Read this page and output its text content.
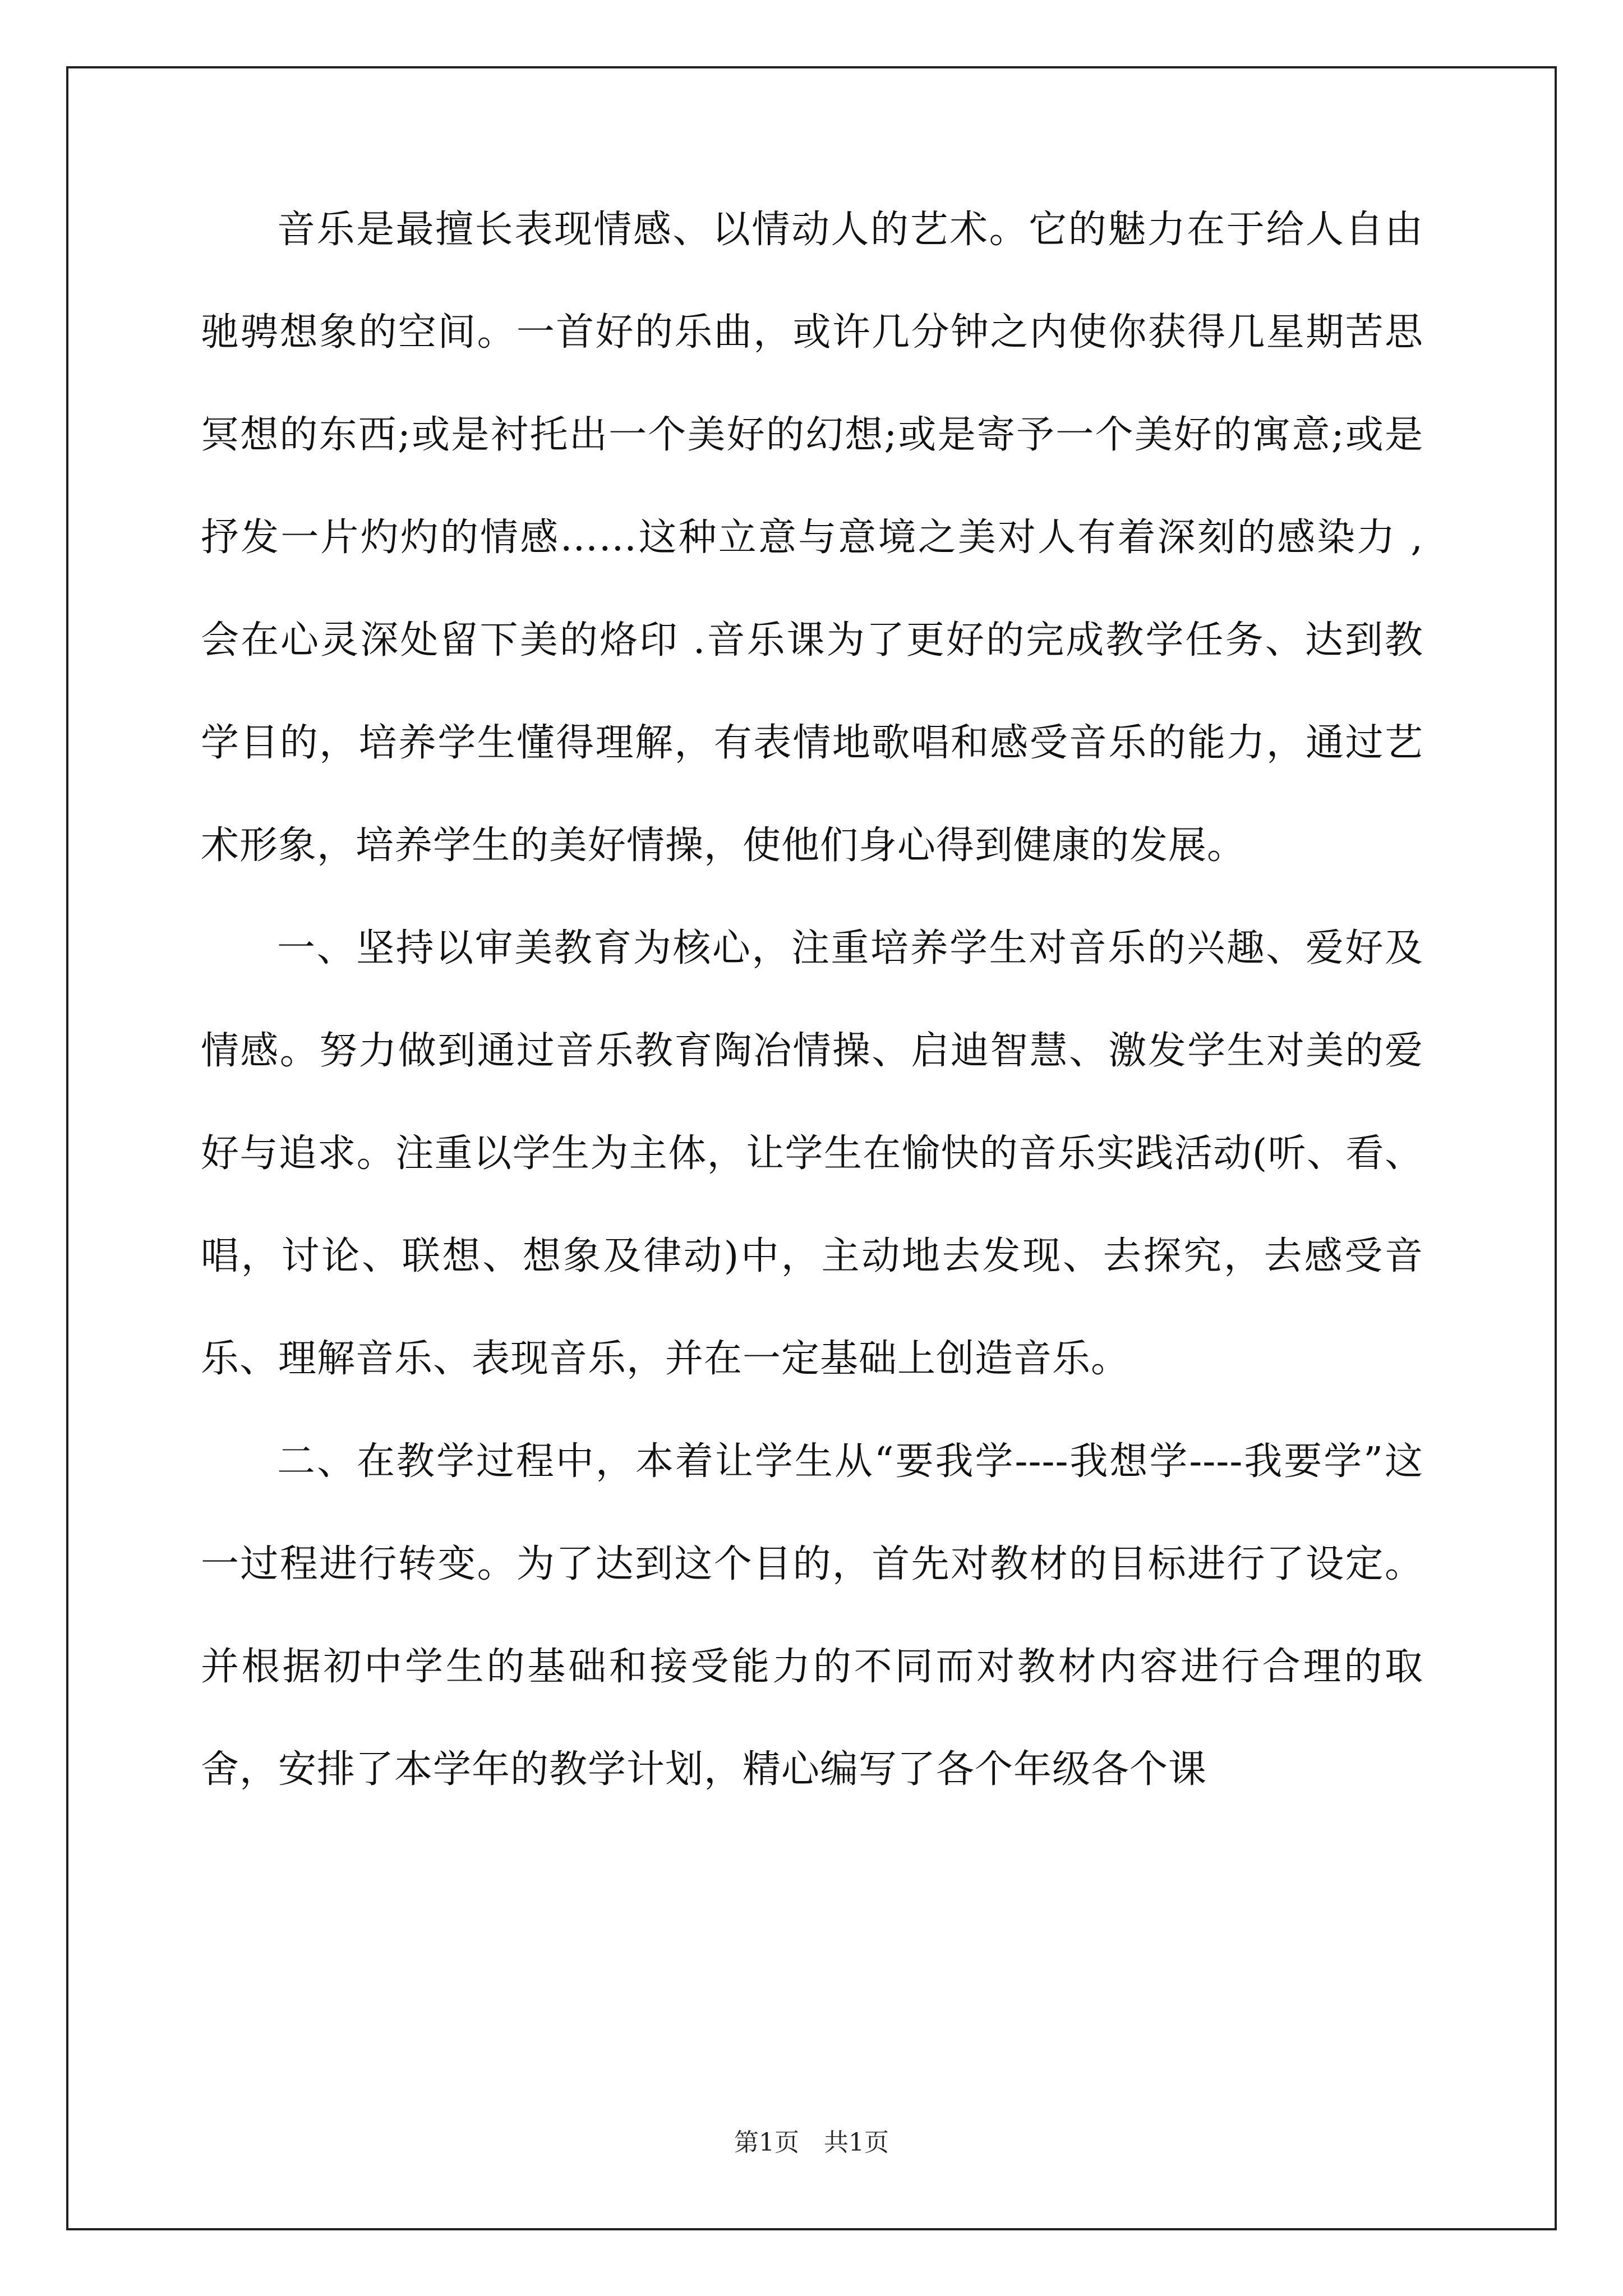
音乐是最擅长表现情感、以情动人的艺术。它的魅力在于给人自由驰骋想象的空间。一首好的乐曲，或许几分钟之内使你获得几星期苦思冥想的东西;或是衬托出一个美好的幻想;或是寄予一个美好的寓意;或是抒发一片灼灼的情感……这种立意与意境之美对人有着深刻的感染力 ,会在心灵深处留下美的烙印 .音乐课为了更好的完成教学任务、达到教学目的，培养学生懂得理解，有表情地歌唱和感受音乐的能力，通过艺术形象，培养学生的美好情操，使他们身心得到健康的发展。

一、坚持以审美教育为核心，注重培养学生对音乐的兴趣、爱好及情感。努力做到通过音乐教育陶冶情操、启迪智慧、激发学生对美的爱好与追求。注重以学生为主体，让学生在愉快的音乐实践活动(听、看、唱，讨论、联想、想象及律动)中，主动地去发现、去探究，去感受音乐、理解音乐、表现音乐，并在一定基础上创造音乐。

二、在教学过程中，本着让学生从“要我学----我想学----我要学”这一过程进行转变。为了达到这个目的，首先对教材的目标进行了设定。并根据初中学生的基础和接受能力的不同而对教材内容进行合理的取舍，安排了本学年的教学计划，精心编写了各个年级各个课

第1页　共1页
